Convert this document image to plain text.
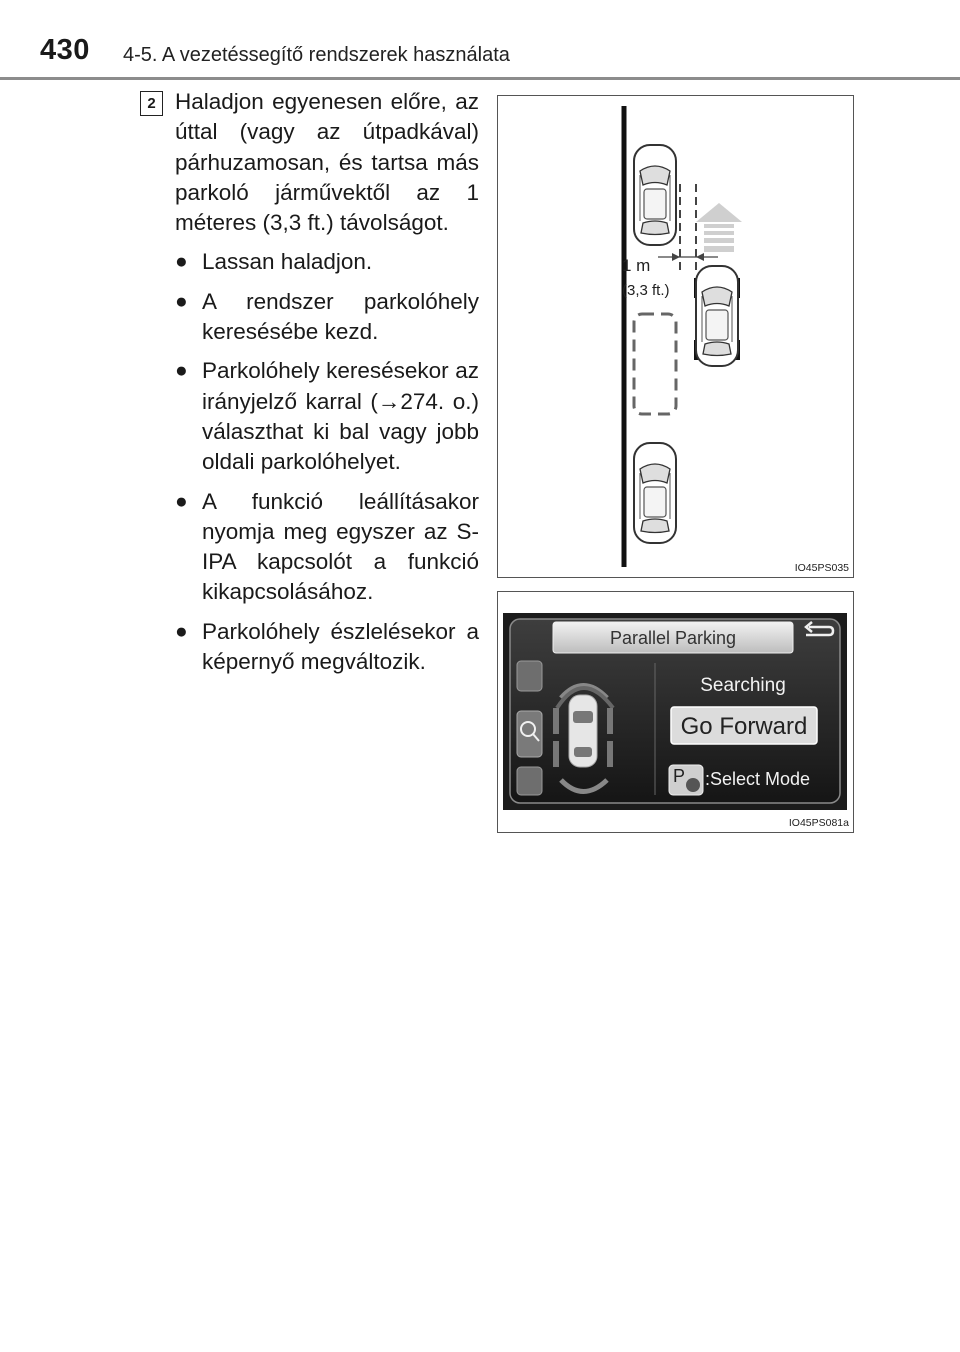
430 4-5. A vezetéssegítő rendszerek használata
2 Haladjon egyenesen előre, az úttal (vagy az útpadkával) párhuzamosan, és tartsa más parkoló járművektől az 1 méteres (3,3 ft.) távolságot.

● Lassan haladjon.

● A rendszer parkolóhely keresésébe kezd.

● Parkolóhely keresésekor az irányjelző karral (→274. o.) választhat ki bal vagy jobb oldali parkolóhelyet.

● A funkció leállításakor nyomja meg egyszer az S-IPA kapcsolót a funkció kikapcsolásához.

● Parkolóhely észlelésekor a képernyő megváltozik.

1 m
(3,3 ft.)
IO45PS035
Parallel Parking
Searching
Go Forward
P	:Select Mode
IO45PS081a
